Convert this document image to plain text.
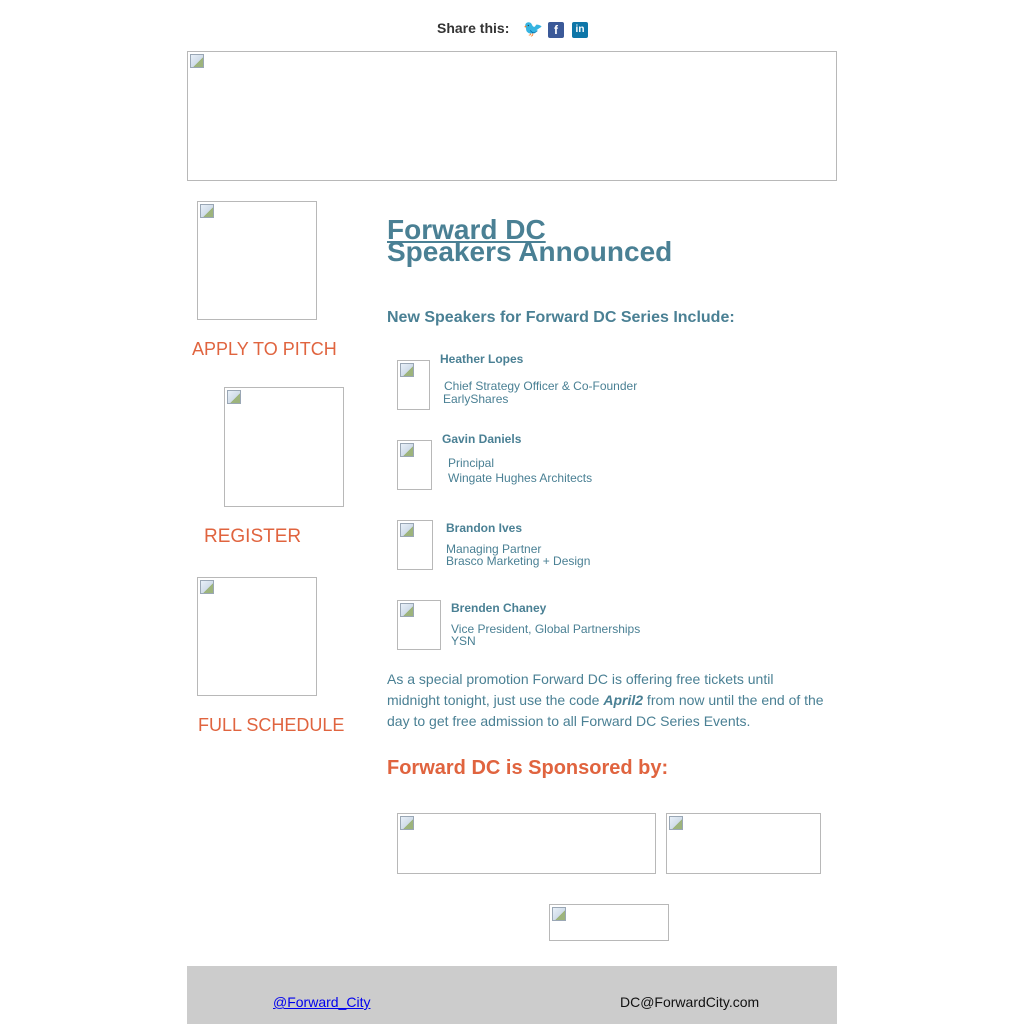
Share this: 🐦 f	in
APPLY TO PITCH
REGISTER
FULL SCHEDULE
Forward DC
Speakers Announced
New Speakers for Forward DC Series Include:
Heather Lopes
Chief Strategy Officer & Co-Founder
EarlyShares
Gavin Daniels
Principal
Wingate Hughes Architects
Brandon Ives
Managing Partner
Brasco Marketing + Design
Brenden Chaney
Vice President, Global Partnerships
YSN
As a special promotion Forward DC is offering free tickets until midnight tonight, just use the code April2 from now until the end of the day to get free admission to all Forward DC Series Events.
Forward DC is Sponsored by:
@Forward_City	DC@ForwardCity.com
